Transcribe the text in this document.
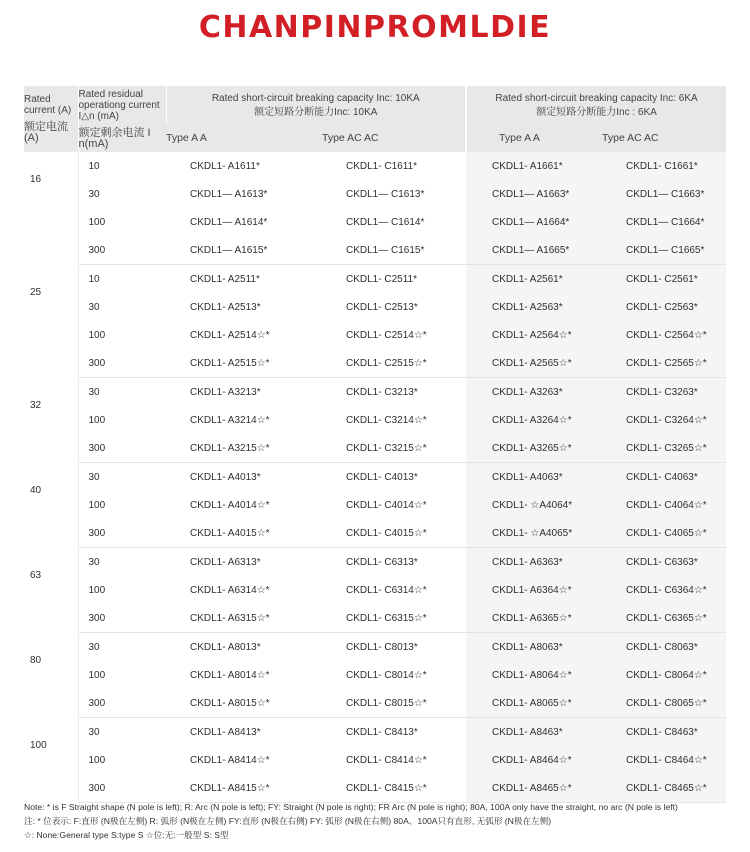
CHANPINPROMLDIE
Rated current (A)
额定电流(A)	Rated residual operationg current I△n (mA)
额定剩余电流 I n(mA)	Rated short-circuit breaking capacity Inc: 10KA
额定短路分断能力Inc: 10KA		Rated short-circuit breaking capacity Inc: 6KA
额定短路分断能力Inc : 6KA	

		Type A A	Type AC AC	Type A A	Type AC AC
16	10	CKDL1- A1611*	CKDL1- C1611*	CKDL1- A1661*	CKDL1- C1661*
	30	CKDL1— A1613*	CKDL1— C1613*	CKDL1— A1663*	CKDL1— C1663*
	100	CKDL1— A1614*	CKDL1— C1614*	CKDL1— A1664*	CKDL1— C1664*
	300	CKDL1— A1615*	CKDL1— C1615*	CKDL1— A1665*	CKDL1— C1665*
25	10	CKDL1- A2511*	CKDL1- C2511*	CKDL1- A2561*	CKDL1- C2561*
	30	CKDL1- A2513*	CKDL1- C2513*	CKDL1- A2563*	CKDL1- C2563*
	100	CKDL1- A2514☆*	CKDL1- C2514☆*	CKDL1- A2564☆*	CKDL1- C2564☆*
	300	CKDL1- A2515☆*	CKDL1- C2515☆*	CKDL1- A2565☆*	CKDL1- C2565☆*
32	30	CKDL1- A3213*	CKDL1- C3213*	CKDL1- A3263*	CKDL1- C3263*
	100	CKDL1- A3214☆*	CKDL1- C3214☆*	CKDL1- A3264☆*	CKDL1- C3264☆*
	300	CKDL1- A3215☆*	CKDL1- C3215☆*	CKDL1- A3265☆*	CKDL1- C3265☆*
40	30	CKDL1- A4013*	CKDL1- C4013*	CKDL1- A4063*	CKDL1- C4063*
	100	CKDL1- A4014☆*	CKDL1- C4014☆*	CKDL1- ☆A4064*	CKDL1- C4064☆*
	300	CKDL1- A4015☆*	CKDL1- C4015☆*	CKDL1- ☆A4065*	CKDL1- C4065☆*
63	30	CKDL1- A6313*	CKDL1- C6313*	CKDL1- A6363*	CKDL1- C6363*
	100	CKDL1- A6314☆*	CKDL1- C6314☆*	CKDL1- A6364☆*	CKDL1- C6364☆*
	300	CKDL1- A6315☆*	CKDL1- C6315☆*	CKDL1- A6365☆*	CKDL1- C6365☆*
80	30	CKDL1- A8013*	CKDL1- C8013*	CKDL1- A8063*	CKDL1- C8063*
	100	CKDL1- A8014☆*	CKDL1- C8014☆*	CKDL1- A8064☆*	CKDL1- C8064☆*
	300	CKDL1- A8015☆*	CKDL1- C8015☆*	CKDL1- A8065☆*	CKDL1- C8065☆*
100	30	CKDL1- A8413*	CKDL1- C8413*	CKDL1- A8463*	CKDL1- C8463*
	100	CKDL1- A8414☆*	CKDL1- C8414☆*	CKDL1- A8464☆*	CKDL1- C8464☆*
	300	CKDL1- A8415☆*	CKDL1- C8415☆*	CKDL1- A8465☆*	CKDL1- C8465☆*
Note: * is F Straight shape (N pole is left); R: Arc (N pole is left); FY: Straight (N pole is right); FR Arc (N pole is right); 80A, 100A only have the straight, no arc (N pole is left)
注: * 位表示: F:直形 (N极在左侧) R: 弧形 (N极在左侧) FY:直形 (N极在右侧) FY: 弧形 (N极在右侧) 80A、100A只有直形, 无弧形 (N极在左侧)
☆: None:General type S:type S ☆位:无:一般型 S: S型
